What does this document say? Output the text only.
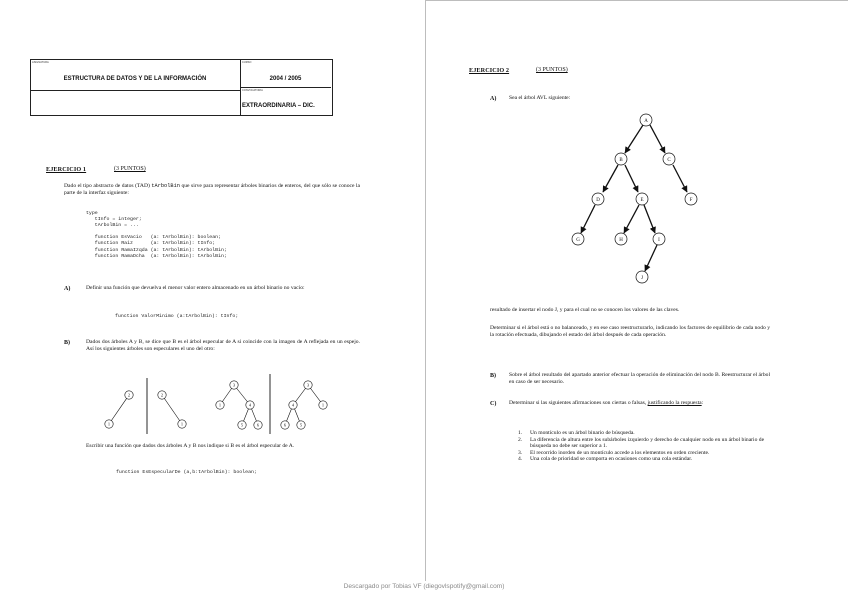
ASIGNATURA
ESTRUCTURA DE DATOS Y DE LA INFORMACIÓN
CURSO
2004 / 2005
CONVOCATORIA
EXTRAORDINARIA – DIC.
EJERCICIO 1	(3 PUNTOS)
Dado el tipo abstracto de datos (TAD) tArbolBin que sirve para representar árboles binarios de enteros, del que sólo se conoce la parte de la interfaz siguiente:
type
tInfo = integer;
tArbolBin = ...

function EsVacio   (a: tArbolBin): boolean;
function Raiz      (a: tArbolBin): tInfo;
function RamaIzqda (a: tArbolBin): tArbolBin;
function RamaDcha  (a: tArbolBin): tArbolBin;
A)	Definir una función que devuelva el menor valor entero almacenado en un árbol binario no vacío:
function ValorMinimo (a:tArbolBin): tInfo;
B)	Dados dos árboles A y B, se dice que B es el árbol especular de A si coincide con la imagen de A reflejada en un espejo. Así los siguientes árboles son especulares el uno del otro:
2
1
2
1
3
1	4
5	6
3
4	1
6	5
Escribir una función que dados dos árboles A y B nos indique si B es el árbol especular de A.
function EsEspecularDe (a,b:tArbolBin): boolean;
EJERCICIO 2	(3 PUNTOS)
A) Sea el árbol AVL siguiente:
A
B	C
D	E	F
G	H	I
J
resultado de insertar el nodo J, y para el cual no se conocen los valores de las claves.
Determinar si el árbol está o no balanceado, y en ese caso reestructurarlo, indicando los factores de equilibrio de cada nodo y la rotación efectuada, dibujando el estado del árbol después de cada operación.
B) Sobre el árbol resultado del apartado anterior efectuar la operación de eliminación del nodo B. Reestructurar el árbol en caso de ser necesario.
C) Determinar si las siguientes afirmaciones son ciertas o falsas, justificando la respuesta:
1. Un montículo es un árbol binario de búsqueda.
2. La diferencia de altura entre los subárboles izquierdo y derecho de cualquier nodo en un árbol binario de búsqueda no debe ser superior a 1.
3. El recorrido inorden de un montículo accede a los elementos en orden creciente.
4. Una cola de prioridad se comporta en ocasiones como una cola estándar.
Descargado por Tobias VF (diegovlspotify@gmail.com)
